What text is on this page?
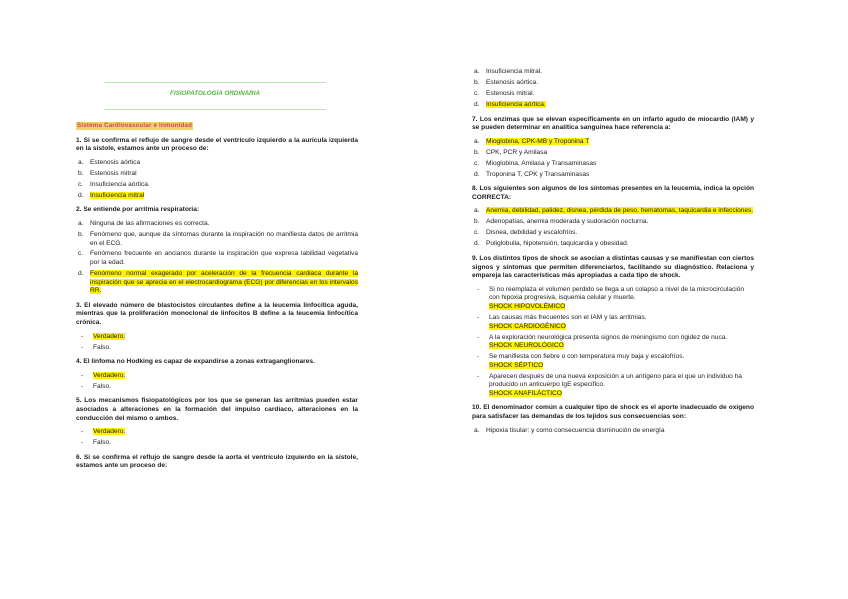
FISIOPATOLOGÍA ORDINARIA
Sistema Cardiovascular e Inmunidad
1. Si se confirma el reflujo de sangre desde el ventrículo izquierdo a la aurícula izquierda en la sístole, estamos ante un proceso de:
a. Estenosis aórtica
b. Estenosis mitral
c. Insuficiencia aórtica.
d. Insuficiencia mitral
2. Se entiende por arritmia respiratoria:
a. Ninguna de las afirmaciones es correcta.
b. Fenómeno que, aunque da síntomas durante la inspiración no manifiesta datos de arritmia en el ECG.
c. Fenómeno frecuente en ancianos durante la inspiración que expresa labilidad vegetativa por la edad.
d. Fenómeno normal exagerado por aceleración de la frecuencia cardiaca durante la inspiración que se aprecia en el electrocardiograma (ECG) por diferencias en los intervalos RR.
3. El elevado número de blastocistos circulantes define a la leucemia linfocítica aguda, mientras que la proliferación monoclonal de linfocitos B define a la leucemia linfocítica crónica.
- Verdadero.
- Falso.
4. El linfoma no Hodking es capaz de expandirse a zonas extraganglionares.
- Verdadero.
- Falso.
5. Los mecanismos fisiopatológicos por los que se generan las arritmias pueden estar asociados a alteraciones en la formación del impulso cardíaco, alteraciones en la conducción del mismo o ambos.
- Verdadero.
- Falso.
6. Si se confirma el reflujo de sangre desde la aorta el ventrículo izquierdo en la sístole, estamos ante un proceso de:
a. Insuficiencia mitral.
b. Estenosis aórtica.
c. Estenosis mitral.
d. Insuficiencia aórtica.
7. Los enzimas que se elevan específicamente en un infarto agudo de miocardio (IAM) y se pueden determinar en analítica sanguínea hace referencia a:
a. Mioglobina, CPK-MB y Troponina T
b. CPK, PCR y Amilasa
c. Mioglobina, Amilasa y Transaminasas
d. Troponina T, CPK y Transaminasas
8. Los siguientes son algunos de los síntomas presentes en la leucemia, indica la opción CORRECTA:
a. Anemia, debilidad, palidez, disnea, pérdida de peso, hematomas, taquicardia e infecciones.
b. Adenopatías, anemia moderada y sudoración nocturna.
c. Disnea, debilidad y escalofríos.
d. Poliglobulia, hipotensión, taquicardia y obesidad.
9. Los distintos tipos de shock se asocian a distintas causas y se manifiestan con ciertos signos y síntomas que permiten diferenciarlos, facilitando su diagnóstico. Relaciona y empareja las características más apropiadas a cada tipo de shock.
- Si no reemplaza el volumen perdido se llega a un colapso a nivel de la microcirculación con hipoxia progresiva, isquemia celular y muerte.
SHOCK HIPOVOLÉMICO
- Las causas más frecuentes son el IAM y las arritmias.
SHOCK CARDIOGÉNICO
- A la exploración neurológica presenta signos de meningismo con rigidez de nuca.
SHOCK NEUROLÓGICO
- Se manifiesta con fiebre o con temperatura muy baja y escalofríos.
SHOCK SÉPTICO
- Aparecen después de una nueva exposición a un antígeno para el que un individuo ha producido un anticuerpo IgE específico.
SHOCK ANAFILÁCTICO
10. El denominador común a cualquier tipo de shock es el aporte inadecuado de oxígeno para satisfacer las demandas de los tejidos sus consecuencias son:
a. Hipoxia tisular: y como consecuencia disminución de energía
